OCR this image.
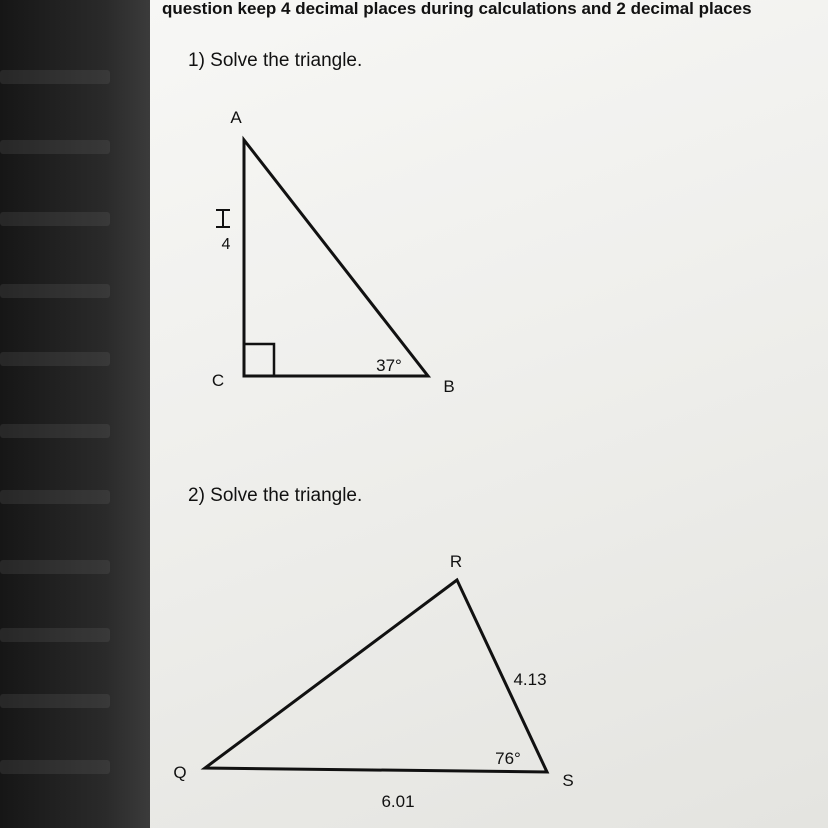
question keep 4 decimal places during calculations and 2 decimal places
1) Solve the triangle.
2) Solve the triangle.
A
C	B
4
37°
R
Q	S
4.13
76°
6.01
